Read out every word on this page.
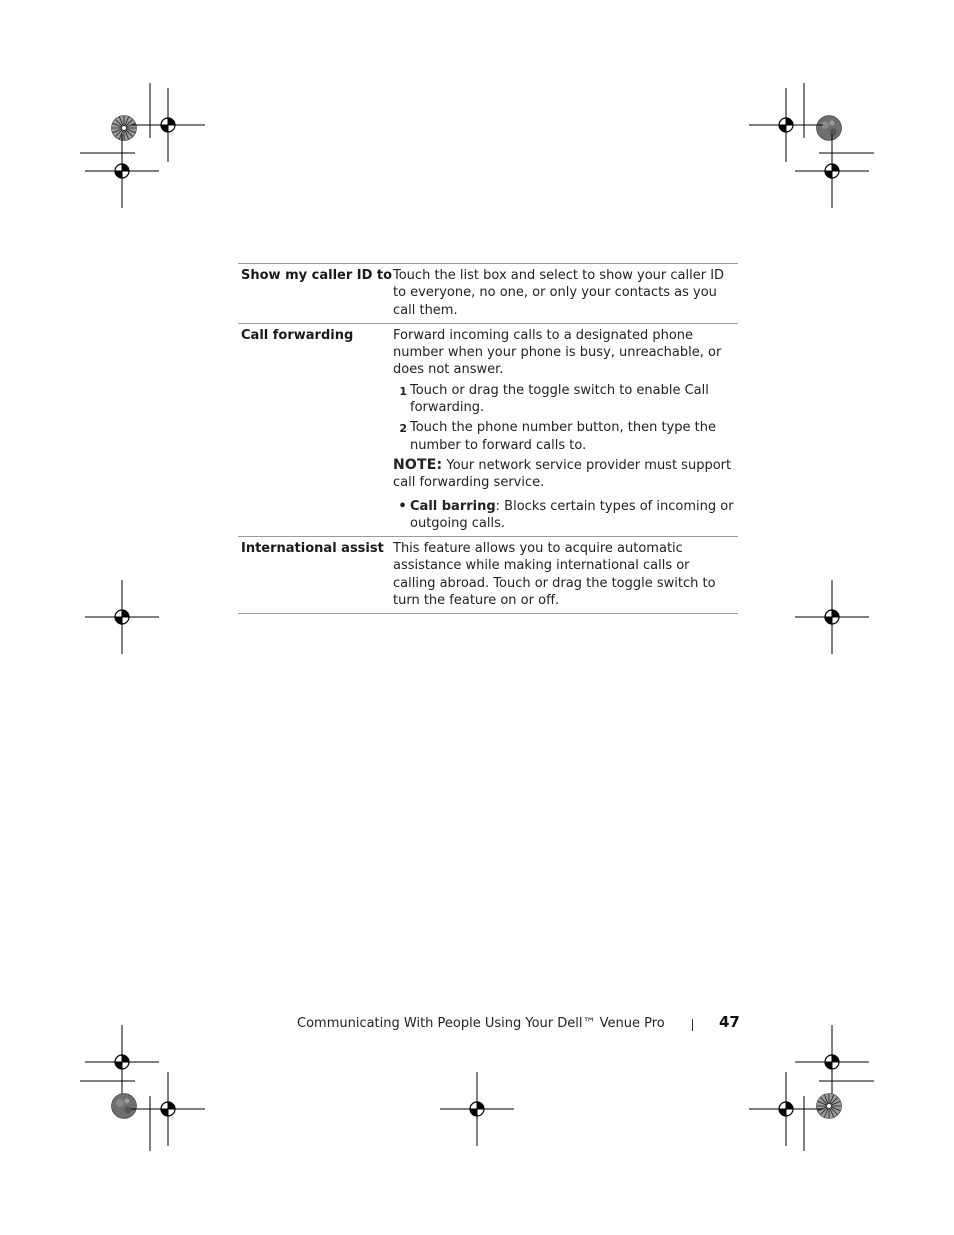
Show my caller ID to Touch the list box and select to show your caller ID to everyone, no one, or only your contacts as you call them.

Call forwarding	Forward incoming calls to a designated phone number when your phone is busy, unreachable, or does not answer.

1 Touch or drag the toggle switch to enable Call forwarding.
2 Touch the phone number button, then type the number to forward calls to.

NOTE: Your network service provider must support call forwarding service.

• Call barring: Blocks certain types of incoming or outgoing calls.
International assist This feature allows you to acquire automatic assistance while making international calls or calling abroad. Touch or drag the toggle switch to turn the feature on or off.

Communicating With People Using Your Dell™ Venue Pro	47
